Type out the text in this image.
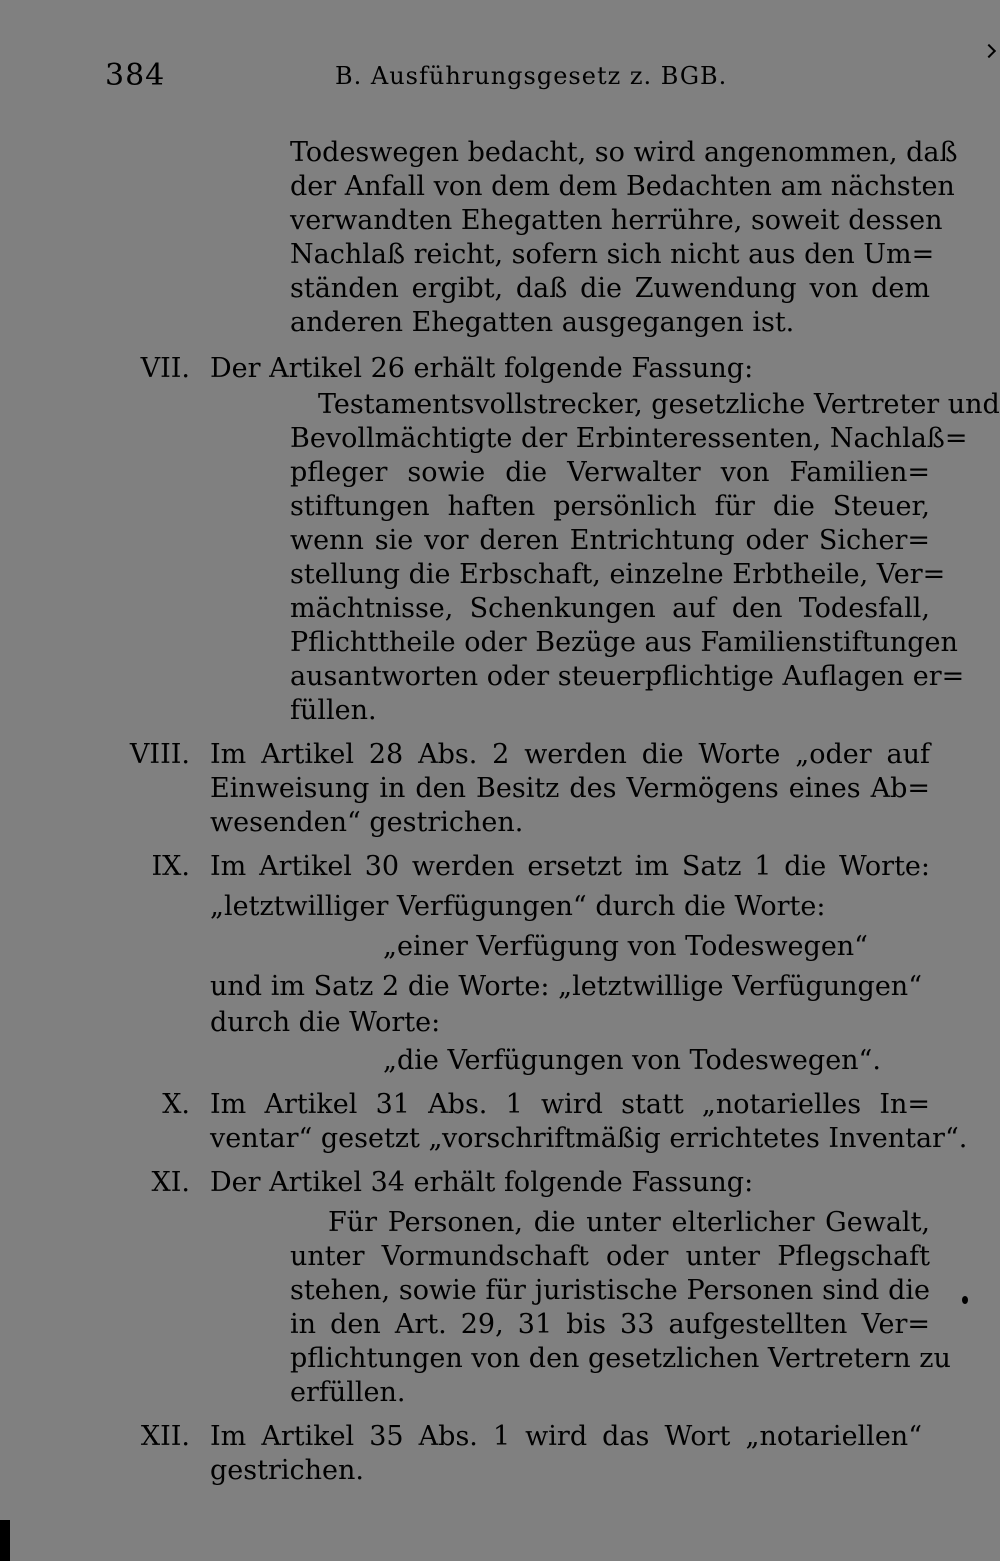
384	B. Ausführungsgesetz z. BGB.
Todeswegen bedacht, so wird angenommen, daß
der Anfall von dem dem Bedachten am nächsten
verwandten Ehegatten herrühre, soweit dessen
Nachlaß reicht, sofern sich nicht aus den Um=
ständen ergibt, daß die Zuwendung von dem
anderen Ehegatten ausgegangen ist.
VII. Der Artikel 26 erhält folgende Fassung:
Testamentsvollstrecker, gesetzliche Vertreter und
Bevollmächtigte der Erbinteressenten, Nachlaß=
pfleger sowie die Verwalter von Familien=
stiftungen haften persönlich für die Steuer,
wenn sie vor deren Entrichtung oder Sicher=
stellung die Erbschaft, einzelne Erbtheile, Ver=
mächtnisse, Schenkungen auf den Todesfall,
Pflichttheile oder Bezüge aus Familienstiftungen
ausantworten oder steuerpflichtige Auflagen er=
füllen.
VIII. Im Artikel 28 Abs. 2 werden die Worte „oder auf
Einweisung in den Besitz des Vermögens eines Ab=
wesenden“ gestrichen.
IX. Im Artikel 30 werden ersetzt im Satz 1 die Worte:
„letztwilliger Verfügungen“ durch die Worte:
„einer Verfügung von Todeswegen“
und im Satz 2 die Worte: „letztwillige Verfügungen“
durch die Worte:
„die Verfügungen von Todeswegen“.
X. Im Artikel 31 Abs. 1 wird statt „notarielles In=
ventar“ gesetzt „vorschriftmäßig errichtetes Inventar“.
XI. Der Artikel 34 erhält folgende Fassung:
Für Personen, die unter elterlicher Gewalt,
unter Vormundschaft oder unter Pflegschaft
stehen, sowie für juristische Personen sind die
in den Art. 29, 31 bis 33 aufgestellten Ver=
pflichtungen von den gesetzlichen Vertretern zu
erfüllen.
XII. Im Artikel 35 Abs. 1 wird das Wort „notariellen“
gestrichen.
